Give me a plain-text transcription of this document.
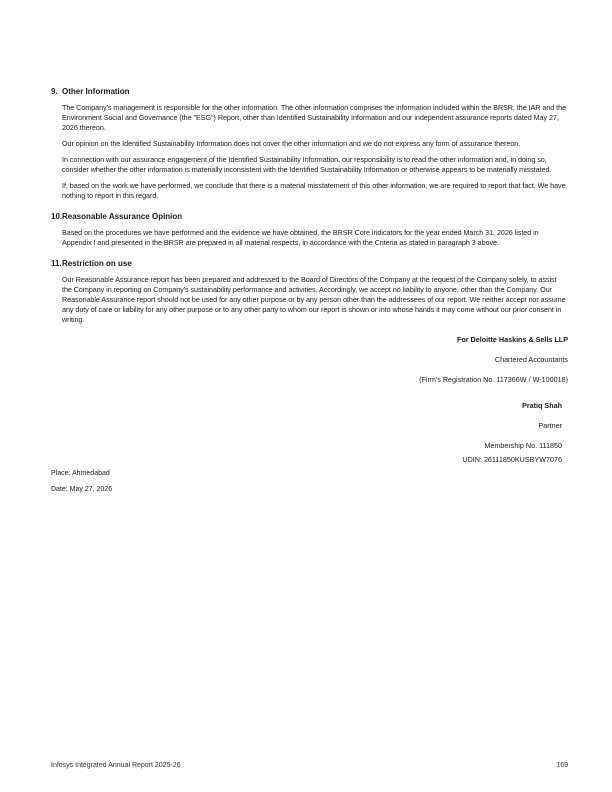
9. Other Information

The Company's management is responsible for the other information. The other information comprises the information included within the BRSR, the IAR and the Environment Social and Governance (the "ESG") Report, other than Identified Sustainability Information and our independent assurance reports dated May 27, 2026 thereon.

Our opinion on the Identified Sustainability Information does not cover the other information and we do not express any form of assurance thereon.

In connection with our assurance engagement of the Identified Sustainability Information, our responsibility is to read the other information and, in doing so, consider whether the other information is materially inconsistent with the Identified Sustainability Information or otherwise appears to be materially misstated.

If, based on the work we have performed, we conclude that there is a material misstatement of this other information, we are required to report that fact. We have nothing to report in this regard.

10.Reasonable Assurance Opinion

Based on the procedures we have performed and the evidence we have obtained, the BRSR Core indicators for the year ended March 31, 2026 listed in Appendix I and presented in the BRSR are prepared in all material respects, in accordance with the Criteria as stated in paragraph 3 above.

11.Restriction on use

Our Reasonable Assurance report has been prepared and addressed to the Board of Directors of the Company at the request of the Company solely, to assist the Company in reporting on Company's sustainability performance and activities. Accordingly, we accept no liability to anyone, other than the Company. Our Reasonable Assurance report should not be used for any other purpose or by any person other than the addressees of our report. We neither accept nor assume any duty of care or liability for any other purpose or to any other party to whom our report is shown or into whose hands it may come without our prior consent in writing.

For Deloitte Haskins & Sells LLP
Chartered Accountants
(Firm's Registration No. 117366W / W-100018)
Pratiq Shah
Partner
Membership No. 111850
UDIN: 26111850KUSBYW7076
Place: Ahmedabad
Date: May 27, 2026
Infosys Integrated Annual Report 2025-26	169
